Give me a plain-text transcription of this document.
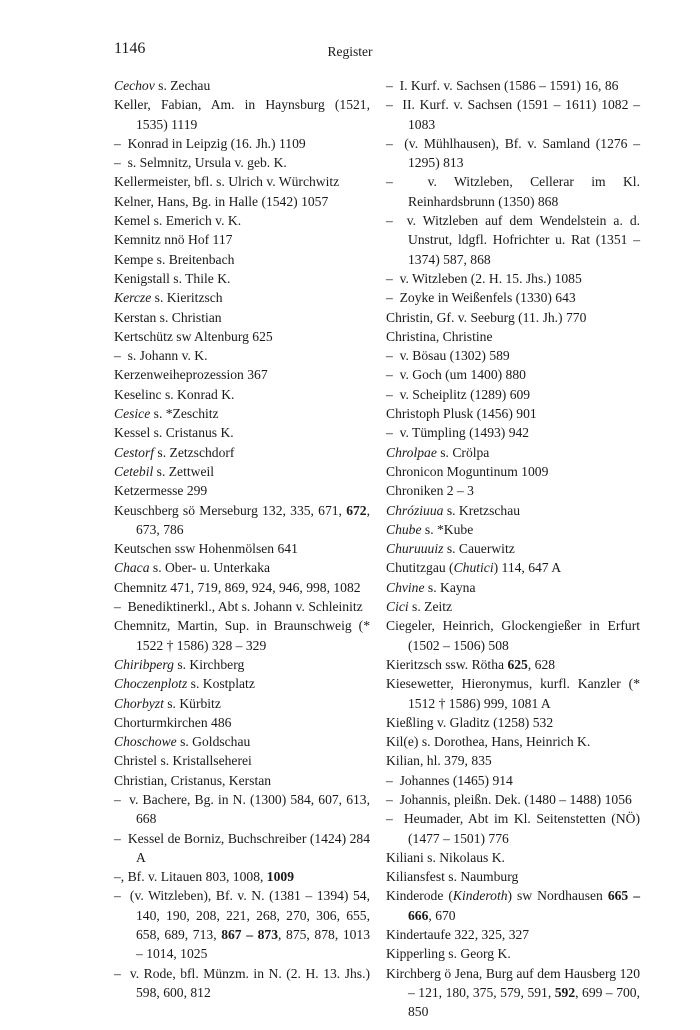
1146	Register
Cechov s. Zechau
Keller, Fabian, Am. in Haynsburg (1521, 1535) 1119
–  Konrad in Leipzig (16. Jh.) 1109
–  s. Selmnitz, Ursula v. geb. K.
Kellermeister, bfl. s. Ulrich v. Würchwitz
Kelner, Hans, Bg. in Halle (1542) 1057
Kemel s. Emerich v. K.
Kemnitz nnö Hof 117
Kempe s. Breitenbach
Kenigstall s. Thile K.
Kercze s. Kieritzsch
Kerstan s. Christian
Kertschütz sw Altenburg 625
–  s. Johann v. K.
Kerzenweiheprozession 367
Keselinc s. Konrad K.
Cesice s. *Zeschitz
Kessel s. Cristanus K.
Cestorf s. Zetzschdorf
Cetebil s. Zettweil
Ketzermesse 299
Keuschberg sö Merseburg 132, 335, 671, 672, 673, 786
Keutschen ssw Hohenmölsen 641
Chaca s. Ober- u. Unterkaka
Chemnitz 471, 719, 869, 924, 946, 998, 1082
–  Benediktinerkl., Abt s. Johann v. Schleinitz
Chemnitz, Martin, Sup. in Braunschweig (* 1522 † 1586) 328 – 329
Chiribperg s. Kirchberg
Choczenplotz s. Kostplatz
Chorbyzt s. Kürbitz
Chorturmkirchen 486
Choschowe s. Goldschau
Christel s. Kristallseherei
Christian, Cristanus, Kerstan
–  v. Bachere, Bg. in N. (1300) 584, 607, 613, 668
–  Kessel de Borniz, Buchschreiber (1424) 284 A
–, Bf. v. Litauen 803, 1008, 1009
–  (v. Witzleben), Bf. v. N. (1381 – 1394) 54, 140, 190, 208, 221, 268, 270, 306, 655, 658, 689, 713, 867 – 873, 875, 878, 1013 – 1014, 1025
–  v. Rode, bfl. Münzm. in N. (2. H. 13. Jhs.) 598, 600, 812
–  I. Kurf. v. Sachsen (1586 – 1591) 16, 86
–  II. Kurf. v. Sachsen (1591 – 1611) 1082 – 1083
–  (v. Mühlhausen), Bf. v. Samland (1276 – 1295) 813
–  v. Witzleben, Cellerar im Kl. Reinhardsbrunn (1350) 868
–  v. Witzleben auf dem Wendelstein a. d. Unstrut, ldgfl. Hofrichter u. Rat (1351 – 1374) 587, 868
–  v. Witzleben (2. H. 15. Jhs.) 1085
–  Zoyke in Weißenfels (1330) 643
Christin, Gf. v. Seeburg (11. Jh.) 770
Christina, Christine
–  v. Bösau (1302) 589
–  v. Goch (um 1400) 880
–  v. Scheiplitz (1289) 609
Christoph Plusk (1456) 901
–  v. Tümpling (1493) 942
Chrolpae s. Crölpa
Chronicon Moguntinum 1009
Chroniken 2 – 3
Chróziuua s. Kretzschau
Chube s. *Kube
Churuuuiz s. Cauerwitz
Chutitzgau (Chutici) 114, 647 A
Chvine s. Kayna
Cici s. Zeitz
Ciegeler, Heinrich, Glockengießer in Erfurt (1502 – 1506) 508
Kieritzsch ssw. Rötha 625, 628
Kiesewetter, Hieronymus, kurfl. Kanzler (* 1512 † 1586) 999, 1081 A
Kießling v. Gladitz (1258) 532
Kil(e) s. Dorothea, Hans, Heinrich K.
Kilian, hl. 379, 835
–  Johannes (1465) 914
–  Johannis, pleißn. Dek. (1480 – 1488) 1056
–  Heumader, Abt im Kl. Seitenstetten (NÖ) (1477 – 1501) 776
Kiliani s. Nikolaus K.
Kiliansfest s. Naumburg
Kinderode (Kinderoth) sw Nordhausen 665 – 666, 670
Kindertaufe 322, 325, 327
Kipperling s. Georg K.
Kirchberg ö Jena, Burg auf dem Hausberg 120 – 121, 180, 375, 579, 591, 592, 699 – 700, 850
